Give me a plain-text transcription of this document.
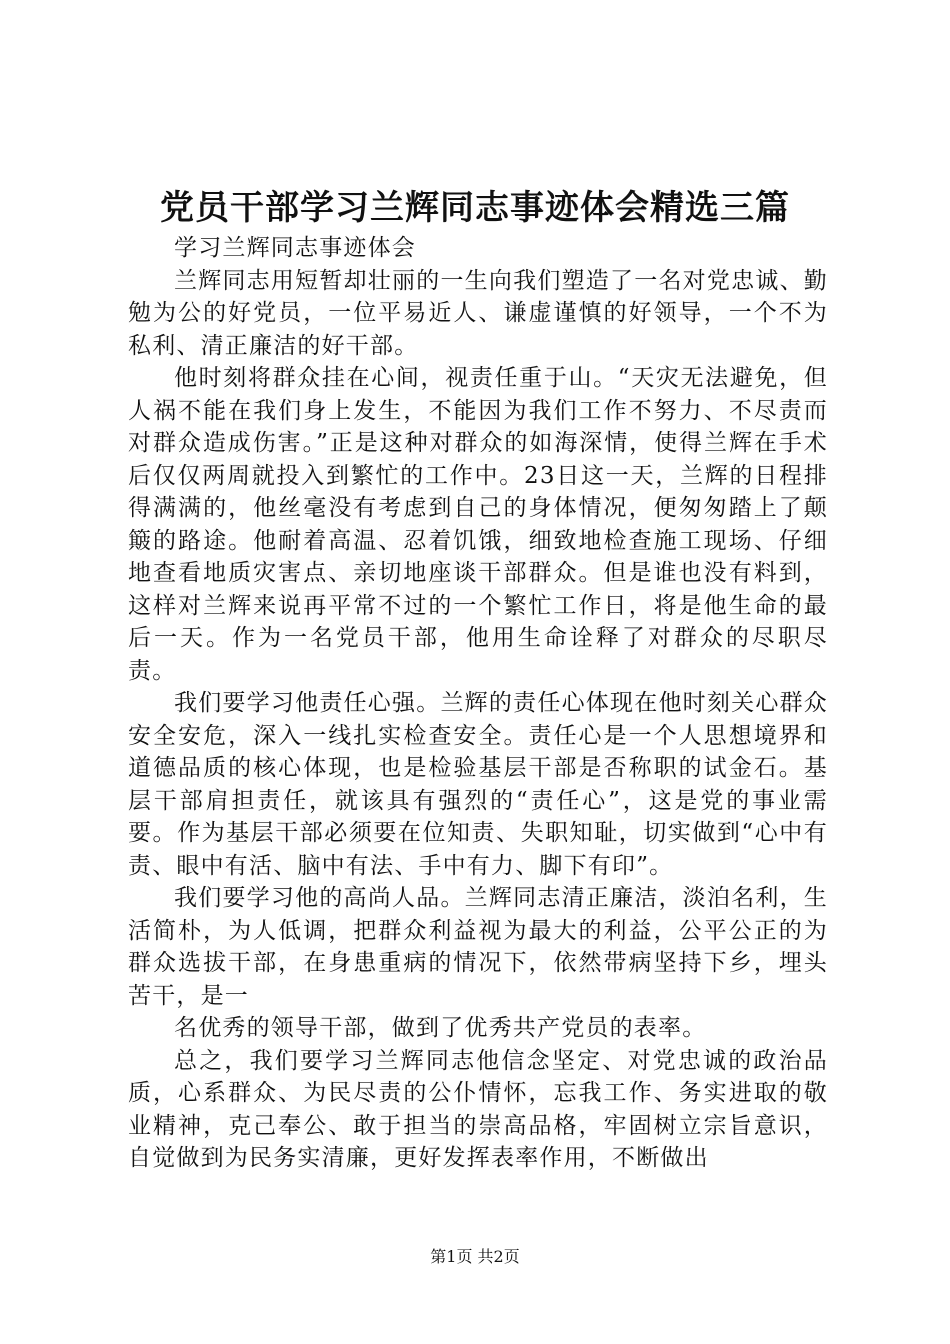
党员干部学习兰辉同志事迹体会精选三篇

学习兰辉同志事迹体会

兰辉同志用短暂却壮丽的一生向我们塑造了一名对党忠诚、勤勉为公的好党员，一位平易近人、谦虚谨慎的好领导，一个不为私利、清正廉洁的好干部。

他时刻将群众挂在心间，视责任重于山。“天灾无法避免，但人祸不能在我们身上发生，不能因为我们工作不努力、不尽责而对群众造成伤害。”正是这种对群众的如海深情，使得兰辉在手术后仅仅两周就投入到繁忙的工作中。23日这一天，兰辉的日程排得满满的，他丝毫没有考虑到自己的身体情况，便匆匆踏上了颠簸的路途。他耐着高温、忍着饥饿，细致地检查施工现场、仔细地查看地质灾害点、亲切地座谈干部群众。但是谁也没有料到，这样对兰辉来说再平常不过的一个繁忙工作日，将是他生命的最后一天。作为一名党员干部，他用生命诠释了对群众的尽职尽责。

我们要学习他责任心强。兰辉的责任心体现在他时刻关心群众安全安危，深入一线扎实检查安全。责任心是一个人思想境界和道德品质的核心体现，也是检验基层干部是否称职的试金石。基层干部肩担责任，就该具有强烈的“责任心”，这是党的事业需要。作为基层干部必须要在位知责、失职知耻，切实做到“心中有责、眼中有活、脑中有法、手中有力、脚下有印”。

我们要学习他的高尚人品。兰辉同志清正廉洁，淡泊名利，生活简朴，为人低调，把群众利益视为最大的利益，公平公正的为群众选拔干部，在身患重病的情况下，依然带病坚持下乡，埋头苦干，是一

名优秀的领导干部，做到了优秀共产党员的表率。

总之，我们要学习兰辉同志他信念坚定、对党忠诚的政治品质，心系群众、为民尽责的公仆情怀，忘我工作、务实进取的敬业精神，克己奉公、敢于担当的崇高品格，牢固树立宗旨意识，自觉做到为民务实清廉，更好发挥表率作用，不断做出

第1页 共2页
